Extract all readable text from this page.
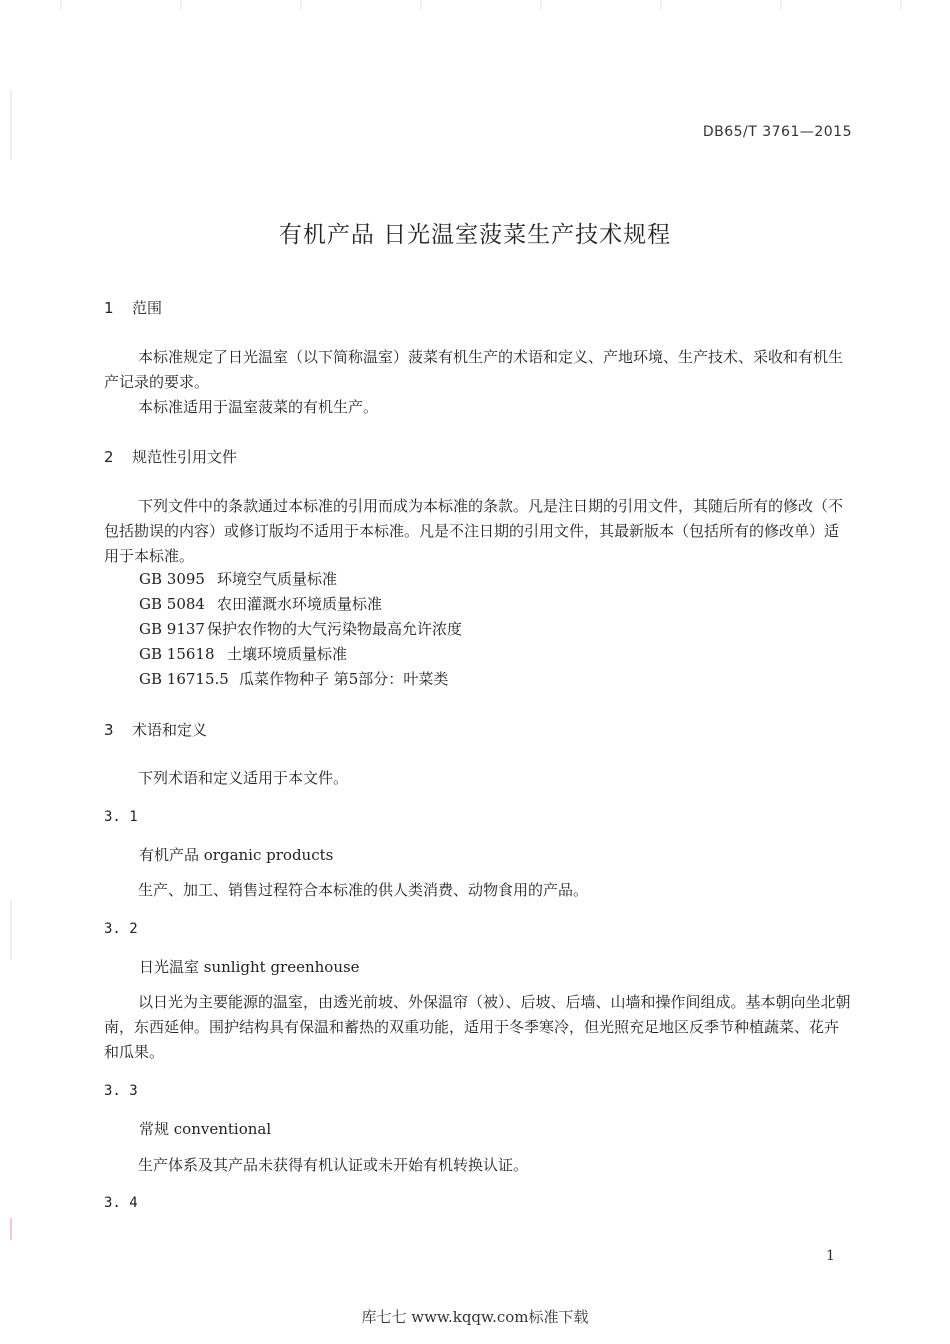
DB65/T 3761—2015
有机产品 日光温室菠菜生产技术规程
1 范围
本标准规定了日光温室（以下简称温室）菠菜有机生产的术语和定义、产地环境、生产技术、采收和有机生产记录的要求。
本标准适用于温室菠菜的有机生产。
2 规范性引用文件
下列文件中的条款通过本标准的引用而成为本标准的条款。凡是注日期的引用文件，其随后所有的修改（不包括勘误的内容）或修订版均不适用于本标准。凡是不注日期的引用文件，其最新版本（包括所有的修改单）适用于本标准。
GB 3095 环境空气质量标准
GB 5084 农田灌溉水环境质量标准
GB 9137 保护农作物的大气污染物最高允许浓度
GB 15618 土壤环境质量标准
GB 16715.5 瓜菜作物种子 第5部分：叶菜类
3 术语和定义
下列术语和定义适用于本文件。
3. 1
有机产品 organic products
生产、加工、销售过程符合本标准的供人类消费、动物食用的产品。
3. 2
日光温室 sunlight greenhouse
以日光为主要能源的温室，由透光前坡、外保温帘（被）、后坡、后墙、山墙和操作间组成。基本朝向坐北朝南，东西延伸。围护结构具有保温和蓄热的双重功能，适用于冬季寒冷，但光照充足地区反季节种植蔬菜、花卉和瓜果。
3. 3
常规 conventional
生产体系及其产品未获得有机认证或未开始有机转换认证。
3. 4
1
库七七 www.kqqw.com标准下载
